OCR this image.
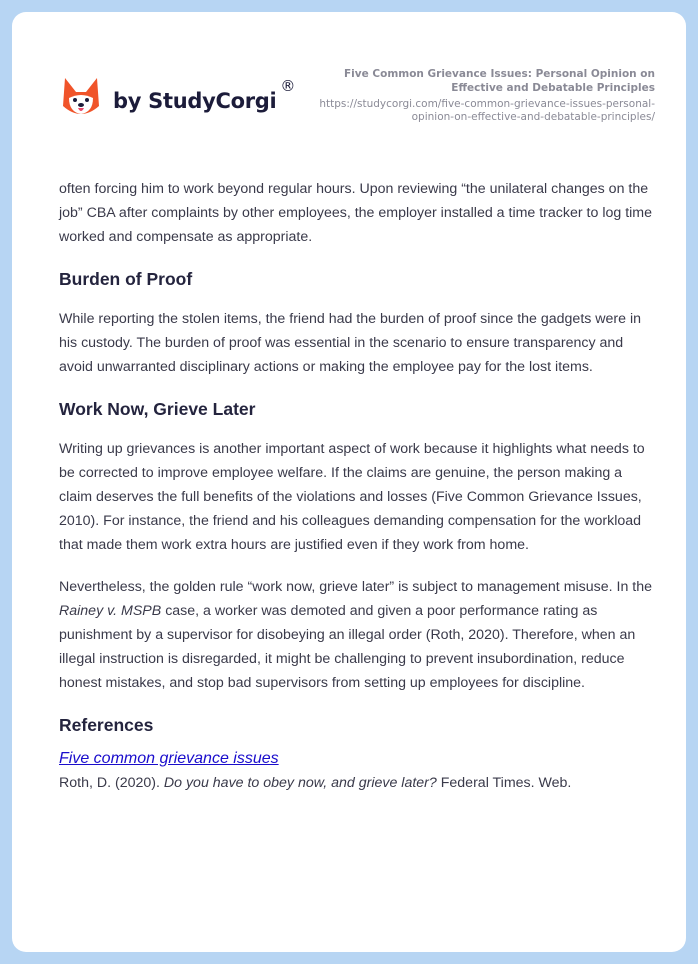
by StudyCorgi
®
Five Common Grievance Issues: Personal Opinion on Effective and Debatable Principles
https://studycorgi.com/five-common-grievance-issues-personal-opinion-on-effective-and-debatable-principles/

often forcing him to work beyond regular hours. Upon reviewing “the unilateral changes on the job” CBA after complaints by other employees, the employer installed a time tracker to log time worked and compensate as appropriate.

Burden of Proof

While reporting the stolen items, the friend had the burden of proof since the gadgets were in his custody. The burden of proof was essential in the scenario to ensure transparency and avoid unwarranted disciplinary actions or making the employee pay for the lost items.

Work Now, Grieve Later

Writing up grievances is another important aspect of work because it highlights what needs to be corrected to improve employee welfare. If the claims are genuine, the person making a claim deserves the full benefits of the violations and losses (Five Common Grievance Issues, 2010). For instance, the friend and his colleagues demanding compensation for the workload that made them work extra hours are justified even if they work from home.

Nevertheless, the golden rule “work now, grieve later” is subject to management misuse. In the Rainey v. MSPB case, a worker was demoted and given a poor performance rating as punishment by a supervisor for disobeying an illegal order (Roth, 2020). Therefore, when an illegal instruction is disregarded, it might be challenging to prevent insubordination, reduce honest mistakes, and stop bad supervisors from setting up employees for discipline.

References
Five common grievance issues
Roth, D. (2020). Do you have to obey now, and grieve later? Federal Times. Web.
